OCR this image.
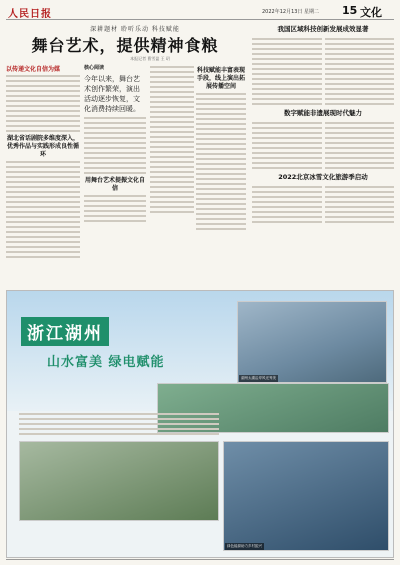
人民日报	2022年12月13日 星期二 15 文化
深耕题材 聆听乐动 科技赋能
舞台艺术，提供精神食粮
本报记者 曹雪盈 王 玥
以传递文化自信为媒
湖北省话剧院多维度深入，优秀作品与实践形成良性循环
核心阅读
今年以来，舞台艺术创作繁荣，演出活动逐步恢复，文化消费持续回暖。
用舞台艺术提振文化自信
科技赋能丰富表现手段，线上演出拓展传播空间
我国区域科技创新发展成效显著
数字赋能非遗展现时代魅力
2022北京冰雪文化旅游季启动
浙江湖州
山水富美 绿电赋能
湖州太湖沿岸风光秀美
绿色能源助力乡村振兴
